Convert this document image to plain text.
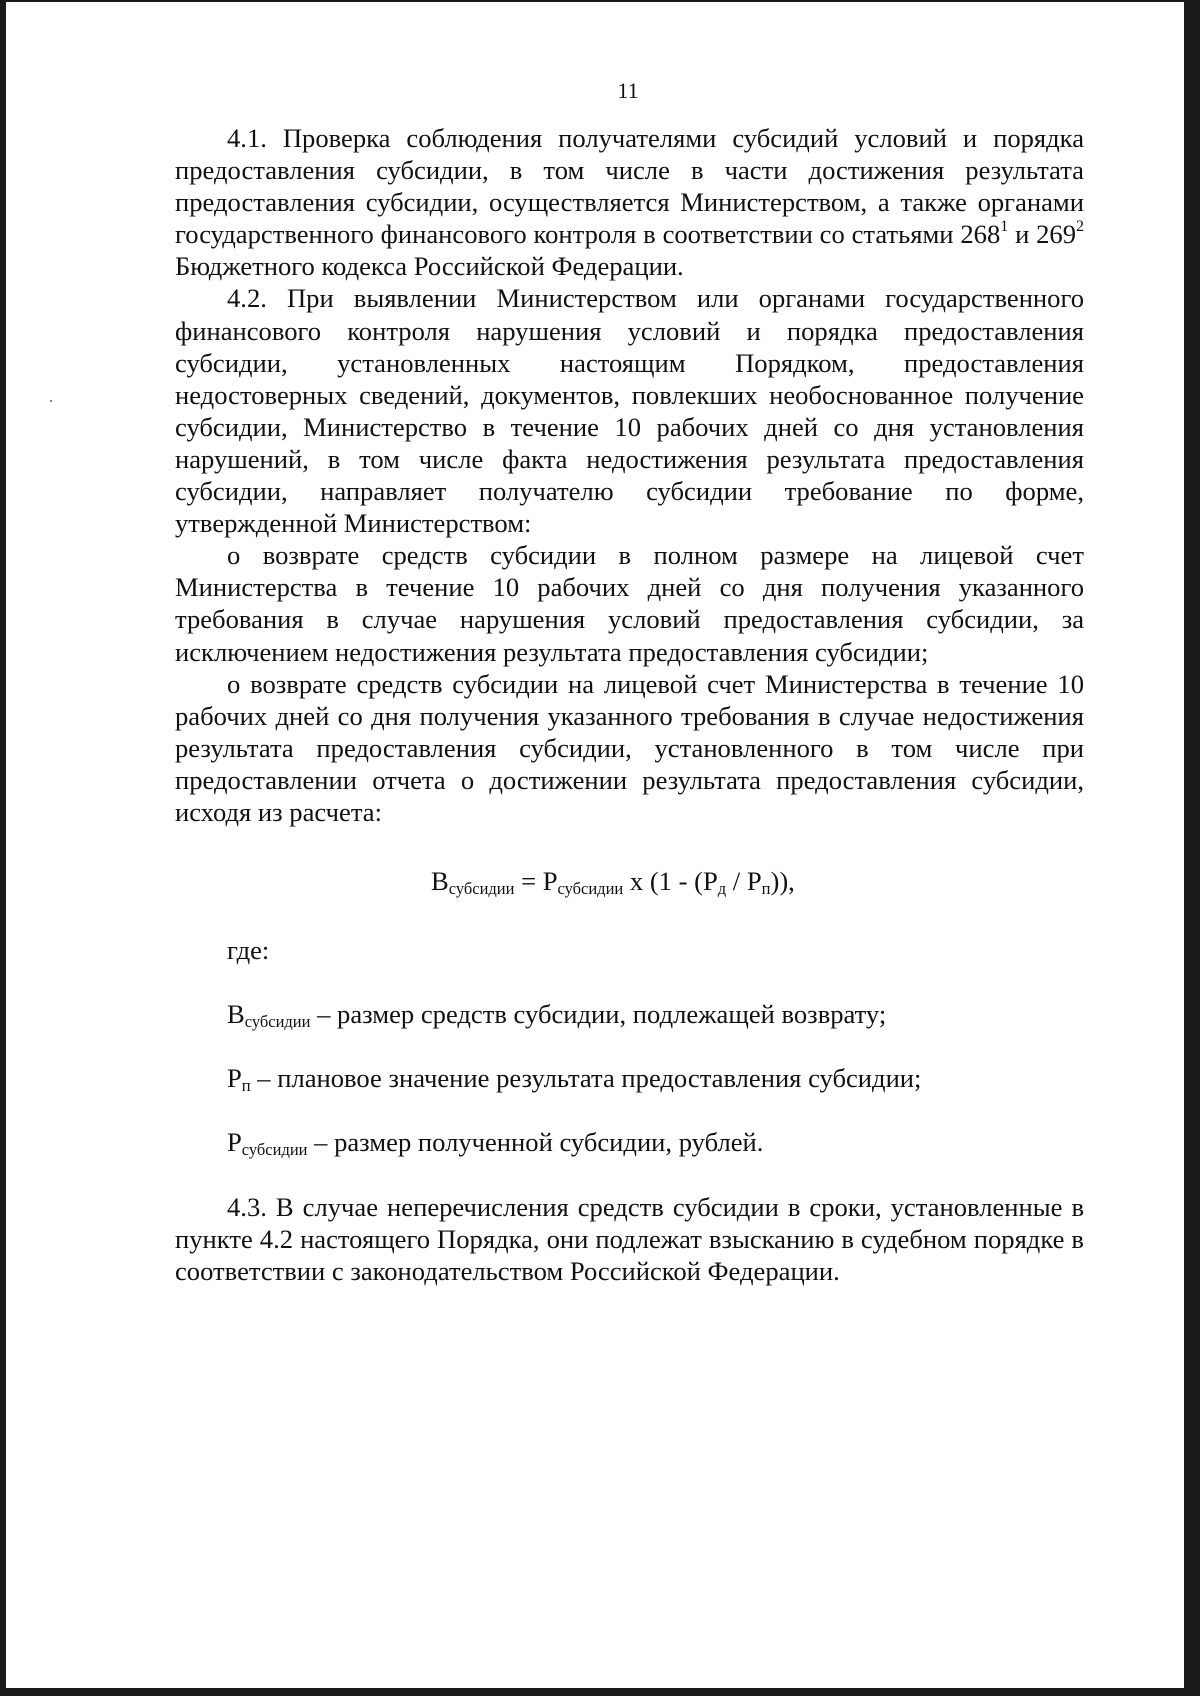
11

4.1. Проверка соблюдения получателями субсидий условий и порядка предоставления субсидии, в том числе в части достижения результата предоставления субсидии, осуществляется Министерством, а также органами государственного финансового контроля в соответствии со статьями $268^1$ и $269^2$ Бюджетного кодекса Российской Федерации.

4.2. При выявлении Министерством или органами государственного финансового контроля нарушения условий и порядка предоставления субсидии, установленных настоящим Порядком, предоставления недостоверных сведений, документов, повлекших необоснованное получение субсидии, Министерство в течение 10 рабочих дней со дня установления нарушений, в том числе факта недостижения результата предоставления субсидии, направляет получателю субсидии требование по форме, утвержденной Министерством:

о возврате средств субсидии в полном размере на лицевой счет Министерства в течение 10 рабочих дней со дня получения указанного требования в случае нарушения условий предоставления субсидии, за исключением недостижения результата предоставления субсидии;

о возврате средств субсидии на лицевой счет Министерства в течение 10 рабочих дней со дня получения указанного требования в случае недостижения результата предоставления субсидии, установленного в том числе при предоставлении отчета о достижении результата предоставления субсидии, исходя из расчета:

$В_{субсидии} = Р_{субсидии}$ x $(1 - (Р_д / Р_п))$,

где:

$В_{субсидии}$ – размер средств субсидии, подлежащей возврату;

$Р_п$ – плановое значение результата предоставления субсидии;

$Р_{субсидии}$ – размер полученной субсидии, рублей.

4.3. В случае неперечисления средств субсидии в сроки, установленные в пункте 4.2 настоящего Порядка, они подлежат взысканию в судебном порядке в соответствии с законодательством Российской Федерации.
